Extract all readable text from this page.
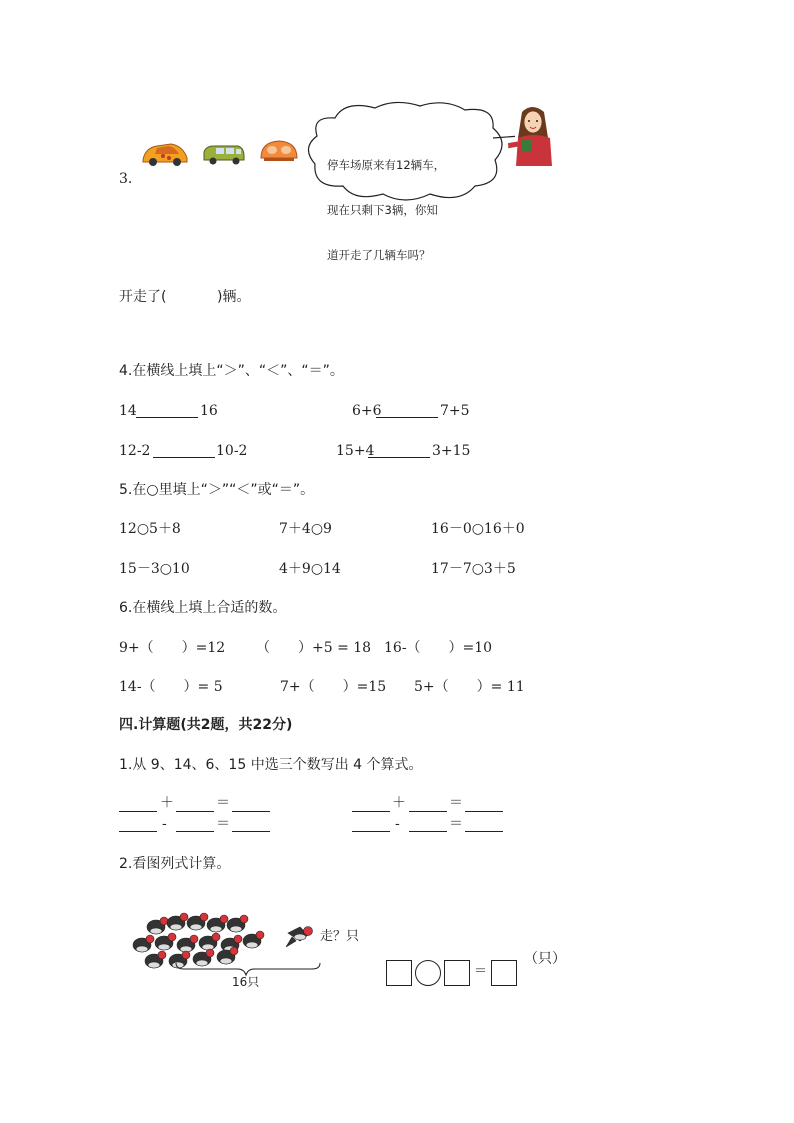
3.

停车场原来有12辆车，

现在只剩下3辆，你知

道开走了几辆车吗？

开走了(	)辆。
4.在横线上填上“＞”、“＜”、“＝”。
14	16	6+6	7+5
12-2	10-2	15+4	3+15
5.在○里填上“＞”“＜”或“＝”。
12○5＋8	7＋4○9	16－0○16＋0
15－3○10	4＋9○14	17－7○3＋5
6.在横线上填上合适的数。
9+（　　）=12 （　　）+5 = 18 16-（　　）=10
14-（　　）= 5	7+（　　）=15 5+（　　）= 11
四.计算题(共2题，共22分)
1.从 9、14、6、15 中选三个数写出 4 个算式。
＋	＝
-	＝
＋	＝
-	＝
2.看图列式计算。
走？只
16只
＝
（只）
